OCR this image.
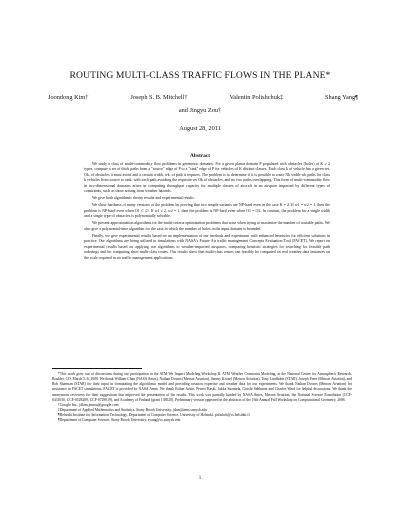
ROUTING MULTI-CLASS TRAFFIC FLOWS IN THE PLANE*
Joondong Kim†	Joseph S. B. Mitchell†	Valentin Polishchuk‡	Shang Yang¶
and Jingyu Zou†
August 28, 2011
Abstract

We study a class of multi-commodity flow problems in geometric domains: For a given planar domain P populated with obstacles (holes) of K ≥ 2 types, compute a set of thick paths from a "source" edge of P to a "sink" edge of P for vehicles of K distinct classes. Each class k of vehicle has a given set, Ok, of obstacles it must avoid and a certain width, wk, of path it requires. The problem is to determine if it is possible to route Nk width-wk paths for class k vehicles from source to sink, with each path avoiding the requisite set Ok of obstacles, and no two paths overlapping. This form of multi-commodity flow in two-dimensional domains arises in computing throughput capacity for multiple classes of aircraft in an airspace impacted by different types of constraints, such as those arising from weather hazards.

We give both algorithmic theory results and experimental results.

We show hardness of many versions of the problem by proving that two simple variants are NP-hard even in the case K = 2. If w1 = w2 = 1, then the problem is NP-hard even when O1 ⊂ ∅. If w1 ≠ 2, w2 = 1, then the problem is NP-hard even when O1 = O2. In contrast, the problem for a single width and a single type of obstacles is polynomially solvable.

We present approximation algorithms for the multi-criteria optimization problems that arise when trying to maximize the number of routable paths. We also give a polynomial-time algorithm for the case in which the number of holes in the input domain is bounded.

Finally, we give experimental results based on an implementation of our methods and experiment with enhanced heuristics for efficient solutions in practice. Our algorithms are being utilized in simulations with NASA's Future Air traffic management Concepts Evaluation Tool (FACET). We report on experimental results based on applying our algorithms to weather-impacted airspaces, comparing heuristic strategies for searching for feasible path orderings and for computing short multi-class routes. Our results show that multi-class routes can feasibly be computed on real weather data instances on the scale required in air traffic management applications.

*This work grew out of discussions during our participation in the ATM-We Impact Modeling Workshop II: ATM Weather Constraint Modeling, at the National Center for Atmospheric Research, Boulder, CO, March 5–6, 2008. We thank William Chan (NASA Ames), Nathan Downs (Metron Aviation), Jimmy Krozel (Metron Aviation), Tony Lindholm (STAR), Joseph Prete (Metron Aviation), and Bob Sharman (STAR) for their input in formulating the algorithmic model and providing aviation expertise and weather data for our experiments. We thank Nathan Downs (Metron Aviation) for assistance in FACET simulations. FACET is provided by NASA Ames. We thank Esther Arkin, Petteri Kaski, Jukka Suomela, Girishi Sabhnani and Charles Ward for helpful discussions. We thank the anonymous reviewers for their suggestions that improved the presentation of the results. This work was partially funded by NASA Ames, Metron Aviation, the National Science Foundation (CCF-0431030, CCF-0528209, CCF-0729019), and Academy of Finland (grant 138520). Preliminary version appeared in the abstracts of the 16th Annual Fall Workshop on Computational Geometry, 2006.

†Google Inc., jdkim,jmzou@google.com

‡Department of Applied Mathematics and Statistics, Stony Brook University, jsbm@ams.sunysb.edu

¶Helsinki Institute for Information Technology, Department of Computer Science, University of Helsinki, polishch@cs.helsinki.fi

¶Department of Computer Science, Stony Brook University, syang@cs.sunysb.edu

1
